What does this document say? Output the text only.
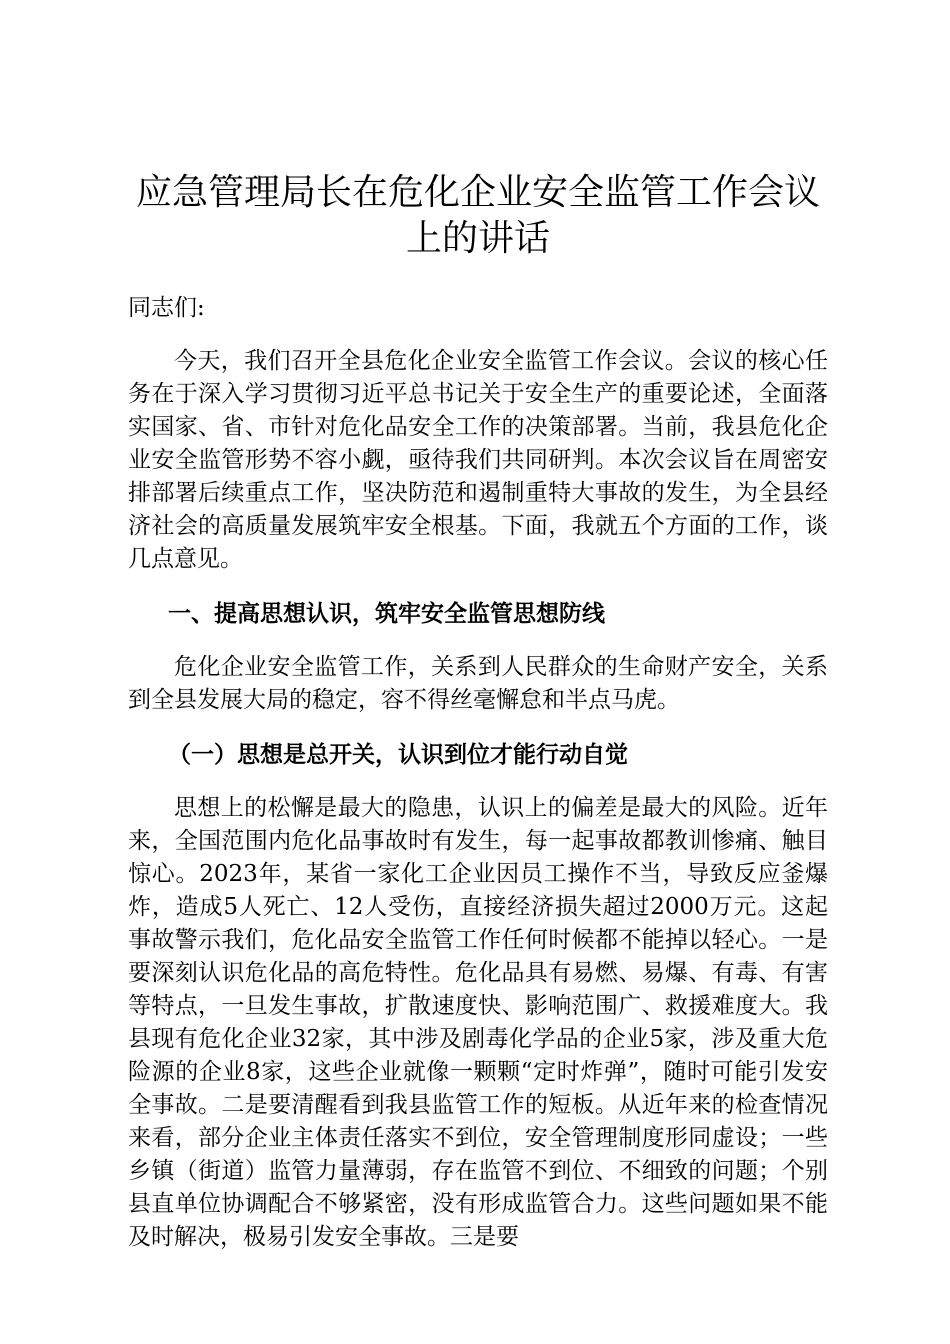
应急管理局长在危化企业安全监管工作会议上的讲话
同志们:

今天，我们召开全县危化企业安全监管工作会议。会议的核心任务在于深入学习贯彻习近平总书记关于安全生产的重要论述，全面落实国家、省、市针对危化品安全工作的决策部署。当前，我县危化企业安全监管形势不容小觑，亟待我们共同研判。本次会议旨在周密安排部署后续重点工作，坚决防范和遏制重特大事故的发生，为全县经济社会的高质量发展筑牢安全根基。下面，我就五个方面的工作，谈几点意见。

一、提高思想认识，筑牢安全监管思想防线

危化企业安全监管工作，关系到人民群众的生命财产安全，关系到全县发展大局的稳定，容不得丝毫懈怠和半点马虎。

（一）思想是总开关，认识到位才能行动自觉

思想上的松懈是最大的隐患，认识上的偏差是最大的风险。近年来，全国范围内危化品事故时有发生，每一起事故都教训惨痛、触目惊心。2023年，某省一家化工企业因员工操作不当，导致反应釜爆炸，造成5人死亡、12人受伤，直接经济损失超过2000万元。这起事故警示我们，危化品安全监管工作任何时候都不能掉以轻心。一是要深刻认识危化品的高危特性。危化品具有易燃、易爆、有毒、有害等特点，一旦发生事故，扩散速度快、影响范围广、救援难度大。我县现有危化企业32家，其中涉及剧毒化学品的企业5家，涉及重大危险源的企业8家，这些企业就像一颗颗“定时炸弹”，随时可能引发安全事故。二是要清醒看到我县监管工作的短板。从近年来的检查情况来看，部分企业主体责任落实不到位，安全管理制度形同虚设；一些乡镇（街道）监管力量薄弱，存在监管不到位、不细致的问题；个别县直单位协调配合不够紧密，没有形成监管合力。这些问题如果不能及时解决，极易引发安全事故。三是要
